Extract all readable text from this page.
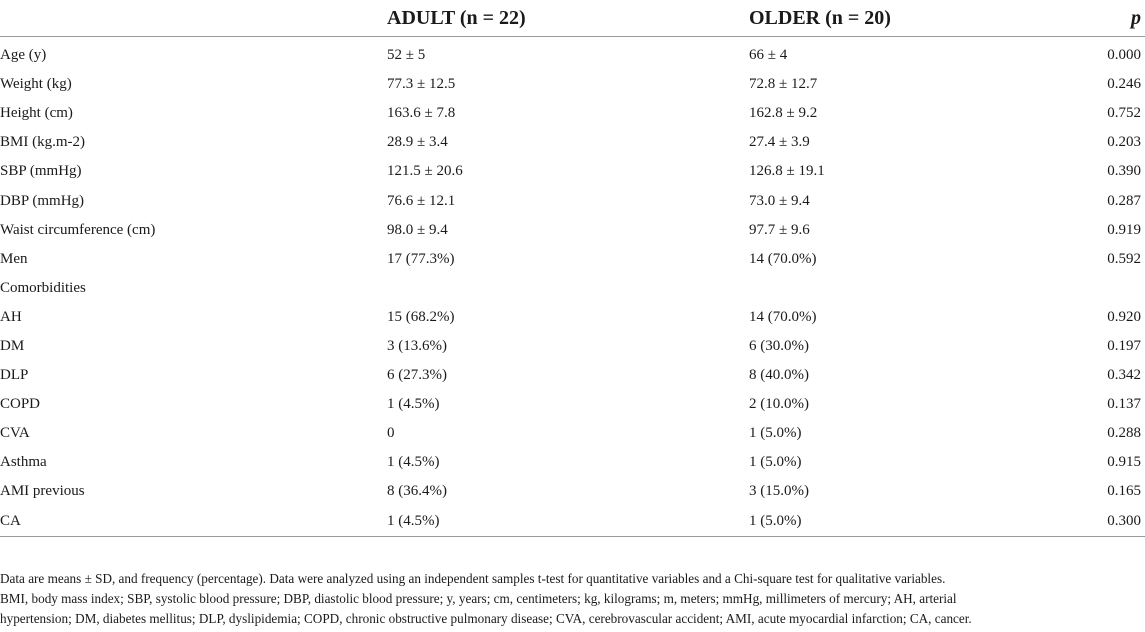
	ADULT (n = 22)	OLDER (n = 20)	p
Age (y)	52 ± 5	66 ± 4	0.000
Weight (kg)	77.3 ± 12.5	72.8 ± 12.7	0.246
Height (cm)	163.6 ± 7.8	162.8 ± 9.2	0.752
BMI (kg.m-2)	28.9 ± 3.4	27.4 ± 3.9	0.203
SBP (mmHg)	121.5 ± 20.6	126.8 ± 19.1	0.390
DBP (mmHg)	76.6 ± 12.1	73.0 ± 9.4	0.287
Waist circumference (cm)	98.0 ± 9.4	97.7 ± 9.6	0.919
Men	17 (77.3%)	14 (70.0%)	0.592
Comorbidities			
AH	15 (68.2%)	14 (70.0%)	0.920
DM	3 (13.6%)	6 (30.0%)	0.197
DLP	6 (27.3%)	8 (40.0%)	0.342
COPD	1 (4.5%)	2 (10.0%)	0.137
CVA	0	1 (5.0%)	0.288
Asthma	1 (4.5%)	1 (5.0%)	0.915
AMI previous	8 (36.4%)	3 (15.0%)	0.165
CA	1 (4.5%)	1 (5.0%)	0.300
Data are means ± SD, and frequency (percentage). Data were analyzed using an independent samples t-test for quantitative variables and a Chi-square test for qualitative variables.
BMI, body mass index; SBP, systolic blood pressure; DBP, diastolic blood pressure; y, years; cm, centimeters; kg, kilograms; m, meters; mmHg, millimeters of mercury; AH, arterial
hypertension; DM, diabetes mellitus; DLP, dyslipidemia; COPD, chronic obstructive pulmonary disease; CVA, cerebrovascular accident; AMI, acute myocardial infarction; CA, cancer.
